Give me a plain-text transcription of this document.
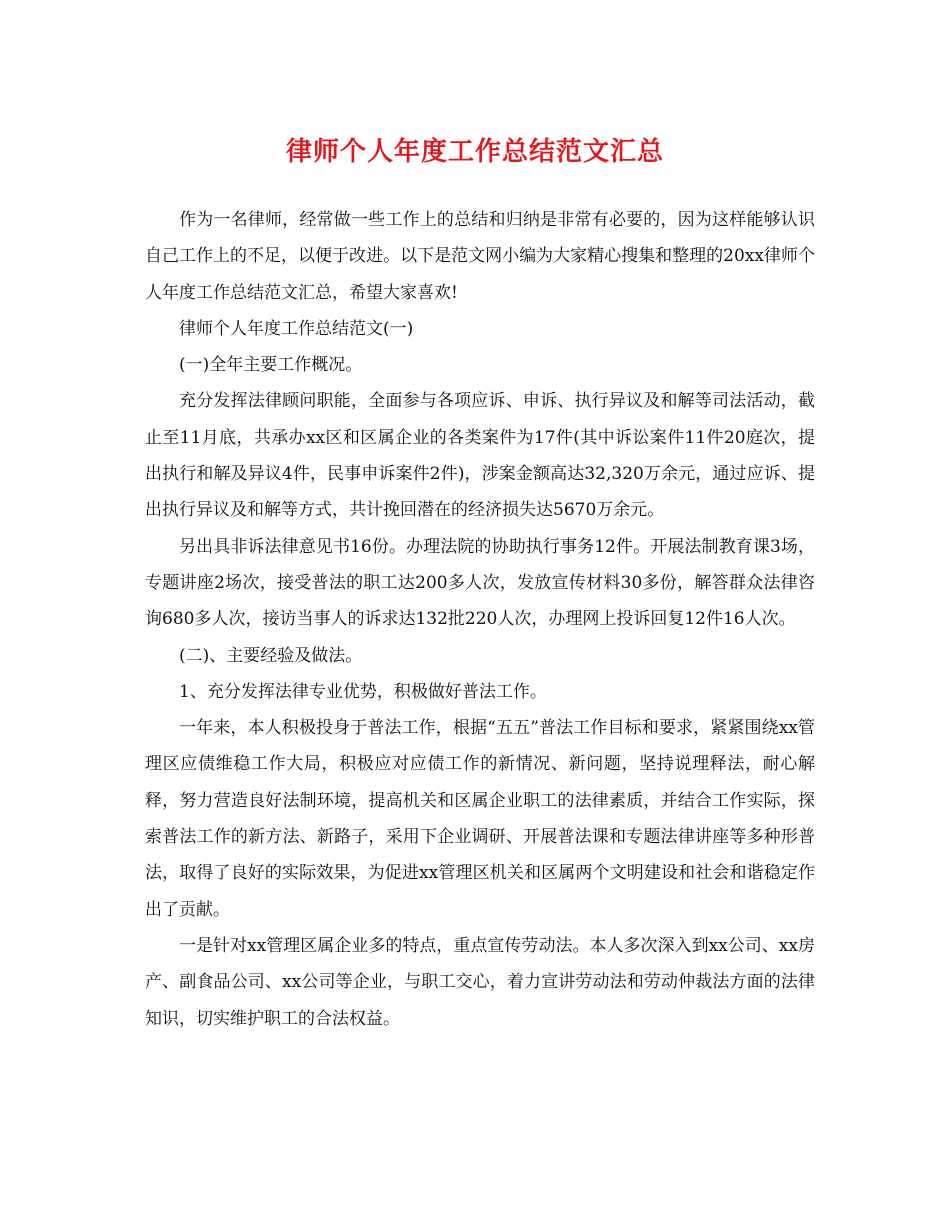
律师个人年度工作总结范文汇总

作为一名律师，经常做一些工作上的总结和归纳是非常有必要的，因为这样能够认识自己工作上的不足，以便于改进。以下是范文网小编为大家精心搜集和整理的20xx律师个人年度工作总结范文汇总，希望大家喜欢!

律师个人年度工作总结范文(一)

(一)全年主要工作概况。

充分发挥法律顾问职能，全面参与各项应诉、申诉、执行异议及和解等司法活动，截止至11月底，共承办xx区和区属企业的各类案件为17件(其中诉讼案件11件20庭次，提出执行和解及异议4件，民事申诉案件2件)，涉案金额高达32,320万余元，通过应诉、提出执行异议及和解等方式，共计挽回潜在的经济损失达5670万余元。

另出具非诉法律意见书16份。办理法院的协助执行事务12件。开展法制教育课3场，专题讲座2场次，接受普法的职工达200多人次，发放宣传材料30多份，解答群众法律咨询680多人次，接访当事人的诉求达132批220人次，办理网上投诉回复12件16人次。

(二)、主要经验及做法。

1、充分发挥法律专业优势，积极做好普法工作。

一年来，本人积极投身于普法工作，根据“五五”普法工作目标和要求，紧紧围绕xx管理区应债维稳工作大局，积极应对应债工作的新情况、新问题，坚持说理释法，耐心解释，努力营造良好法制环境，提高机关和区属企业职工的法律素质，并结合工作实际，探索普法工作的新方法、新路子，采用下企业调研、开展普法课和专题法律讲座等多种形普法，取得了良好的实际效果，为促进xx管理区机关和区属两个文明建设和社会和谐稳定作出了贡献。

一是针对xx管理区属企业多的特点，重点宣传劳动法。本人多次深入到xx公司、xx房产、副食品公司、xx公司等企业，与职工交心，着力宣讲劳动法和劳动仲裁法方面的法律知识，切实维护职工的合法权益。
